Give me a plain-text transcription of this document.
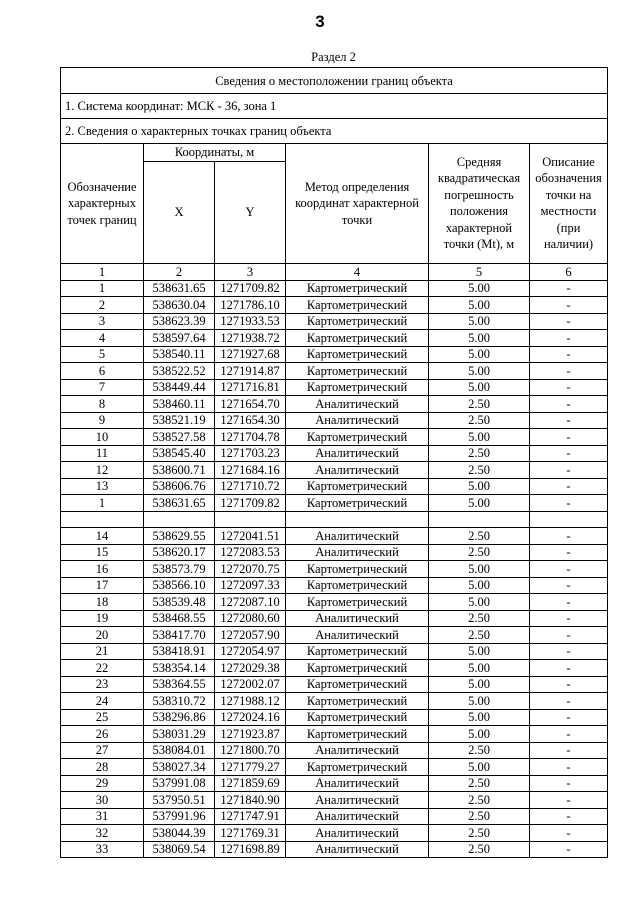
3
Раздел 2
Сведения о местоположении границ объекта					
1. Система координат: МСК - 36, зона 1					
2. Сведения о характерных точках границ объекта					
Обозначение характерных точек границ	Координаты, м		Метод определения координат характерной точки	Средняя квадратическая погрешность положения характерной точки (Mt), м	Описание обозначения точки на местности (при наличии)
	X	Y			
1	2	3	4	5	6
1	538631.65	1271709.82	Картометрический	5.00	-
2	538630.04	1271786.10	Картометрический	5.00	-
3	538623.39	1271933.53	Картометрический	5.00	-
4	538597.64	1271938.72	Картометрический	5.00	-
5	538540.11	1271927.68	Картометрический	5.00	-
6	538522.52	1271914.87	Картометрический	5.00	-
7	538449.44	1271716.81	Картометрический	5.00	-
8	538460.11	1271654.70	Аналитический	2.50	-
9	538521.19	1271654.30	Аналитический	2.50	-
10	538527.58	1271704.78	Картометрический	5.00	-
11	538545.40	1271703.23	Аналитический	2.50	-
12	538600.71	1271684.16	Аналитический	2.50	-
13	538606.76	1271710.72	Картометрический	5.00	-
1	538631.65	1271709.82	Картометрический	5.00	-

14	538629.55	1272041.51	Аналитический	2.50	-
15	538620.17	1272083.53	Аналитический	2.50	-
16	538573.79	1272070.75	Картометрический	5.00	-
17	538566.10	1272097.33	Картометрический	5.00	-
18	538539.48	1272087.10	Картометрический	5.00	-
19	538468.55	1272080.60	Аналитический	2.50	-
20	538417.70	1272057.90	Аналитический	2.50	-
21	538418.91	1272054.97	Картометрический	5.00	-
22	538354.14	1272029.38	Картометрический	5.00	-
23	538364.55	1272002.07	Картометрический	5.00	-
24	538310.72	1271988.12	Картометрический	5.00	-
25	538296.86	1272024.16	Картометрический	5.00	-
26	538031.29	1271923.87	Картометрический	5.00	-
27	538084.01	1271800.70	Аналитический	2.50	-
28	538027.34	1271779.27	Картометрический	5.00	-
29	537991.08	1271859.69	Аналитический	2.50	-
30	537950.51	1271840.90	Аналитический	2.50	-
31	537991.96	1271747.91	Аналитический	2.50	-
32	538044.39	1271769.31	Аналитический	2.50	-
33	538069.54	1271698.89	Аналитический	2.50	-
